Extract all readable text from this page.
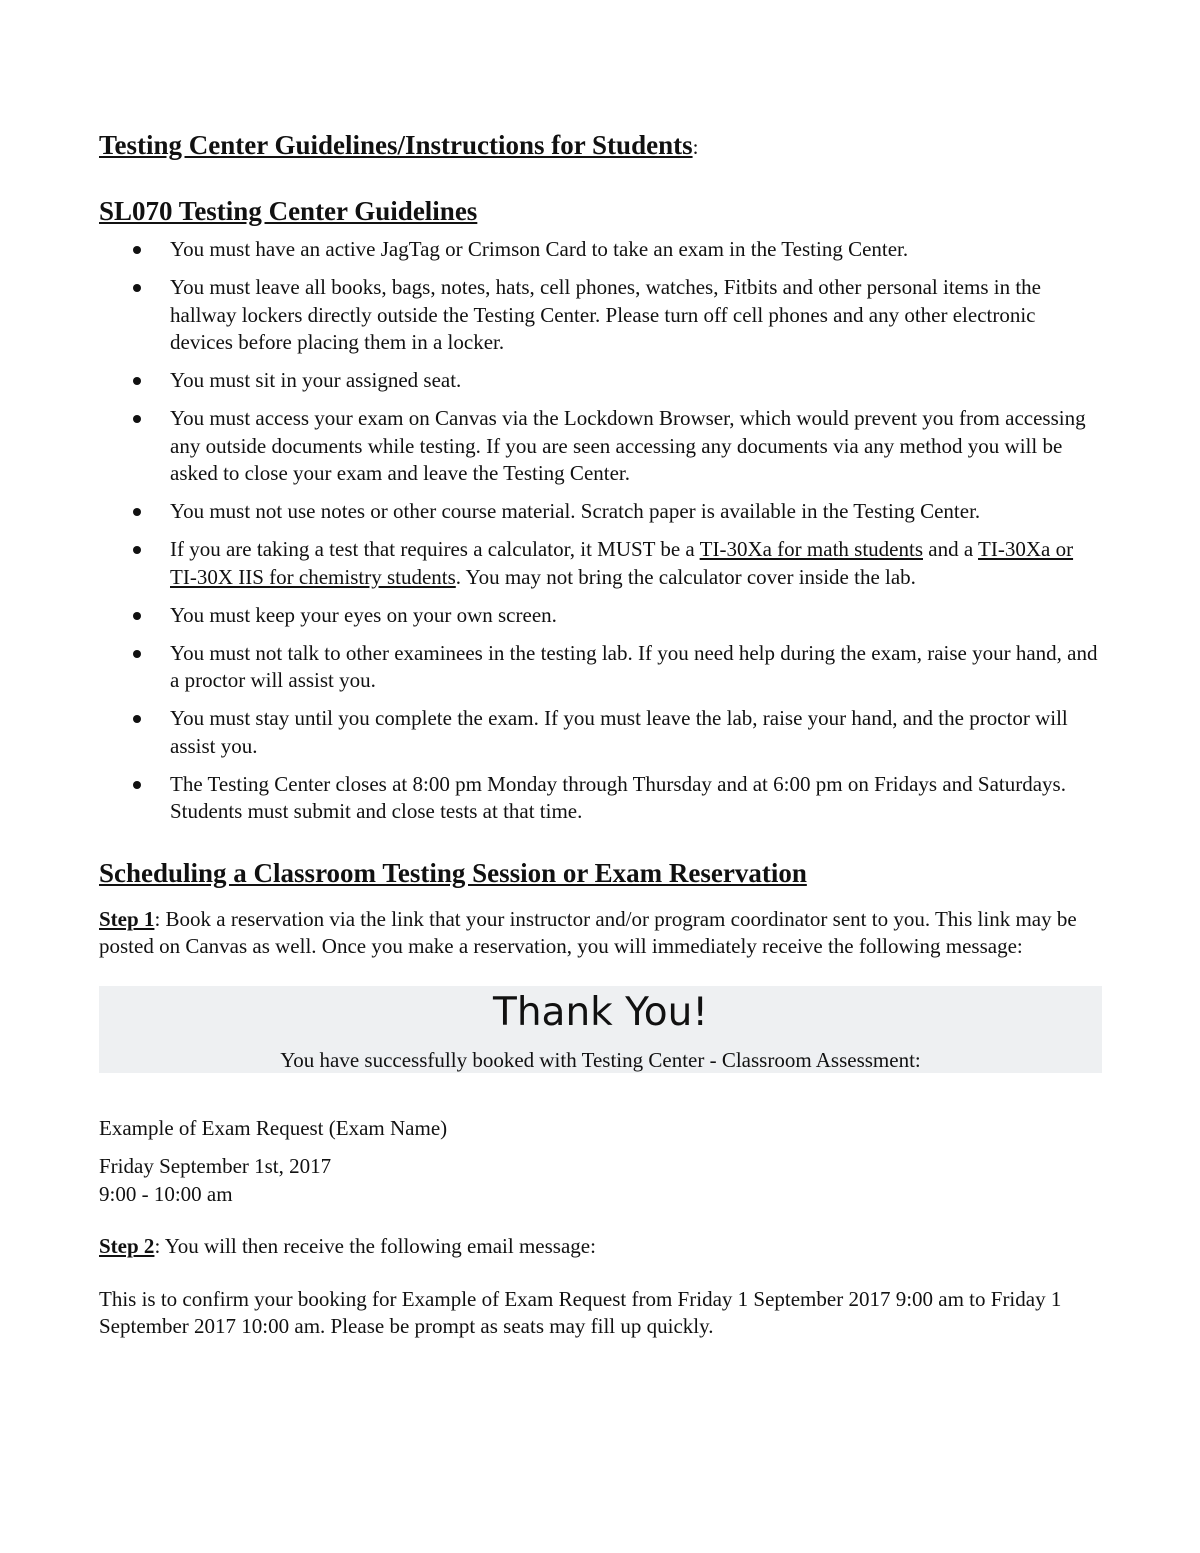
Testing Center Guidelines/Instructions for Students:
SL070 Testing Center Guidelines
You must have an active JagTag or Crimson Card to take an exam in the Testing Center.
You must leave all books, bags, notes, hats, cell phones, watches, Fitbits and other personal items in the hallway lockers directly outside the Testing Center. Please turn off cell phones and any other electronic devices before placing them in a locker.
You must sit in your assigned seat.
You must access your exam on Canvas via the Lockdown Browser, which would prevent you from accessing any outside documents while testing. If you are seen accessing any documents via any method you will be asked to close your exam and leave the Testing Center.
You must not use notes or other course material. Scratch paper is available in the Testing Center.
If you are taking a test that requires a calculator, it MUST be a TI-30Xa for math students and a TI-30Xa or TI-30X IIS for chemistry students. You may not bring the calculator cover inside the lab.
You must keep your eyes on your own screen.
You must not talk to other examinees in the testing lab. If you need help during the exam, raise your hand, and a proctor will assist you.
You must stay until you complete the exam. If you must leave the lab, raise your hand, and the proctor will assist you.
The Testing Center closes at 8:00 pm Monday through Thursday and at 6:00 pm on Fridays and Saturdays. Students must submit and close tests at that time.
Scheduling a Classroom Testing Session or Exam Reservation

Step 1: Book a reservation via the link that your instructor and/or program coordinator sent to you. This link may be posted on Canvas as well. Once you make a reservation, you will immediately receive the following message:

Thank You!
You have successfully booked with Testing Center - Classroom Assessment:

Example of Exam Request (Exam Name)

Friday September 1st, 2017

9:00 - 10:00 am

Step 2: You will then receive the following email message:

This is to confirm your booking for Example of Exam Request from Friday 1 September 2017 9:00 am to Friday 1 September 2017 10:00 am. Please be prompt as seats may fill up quickly.
